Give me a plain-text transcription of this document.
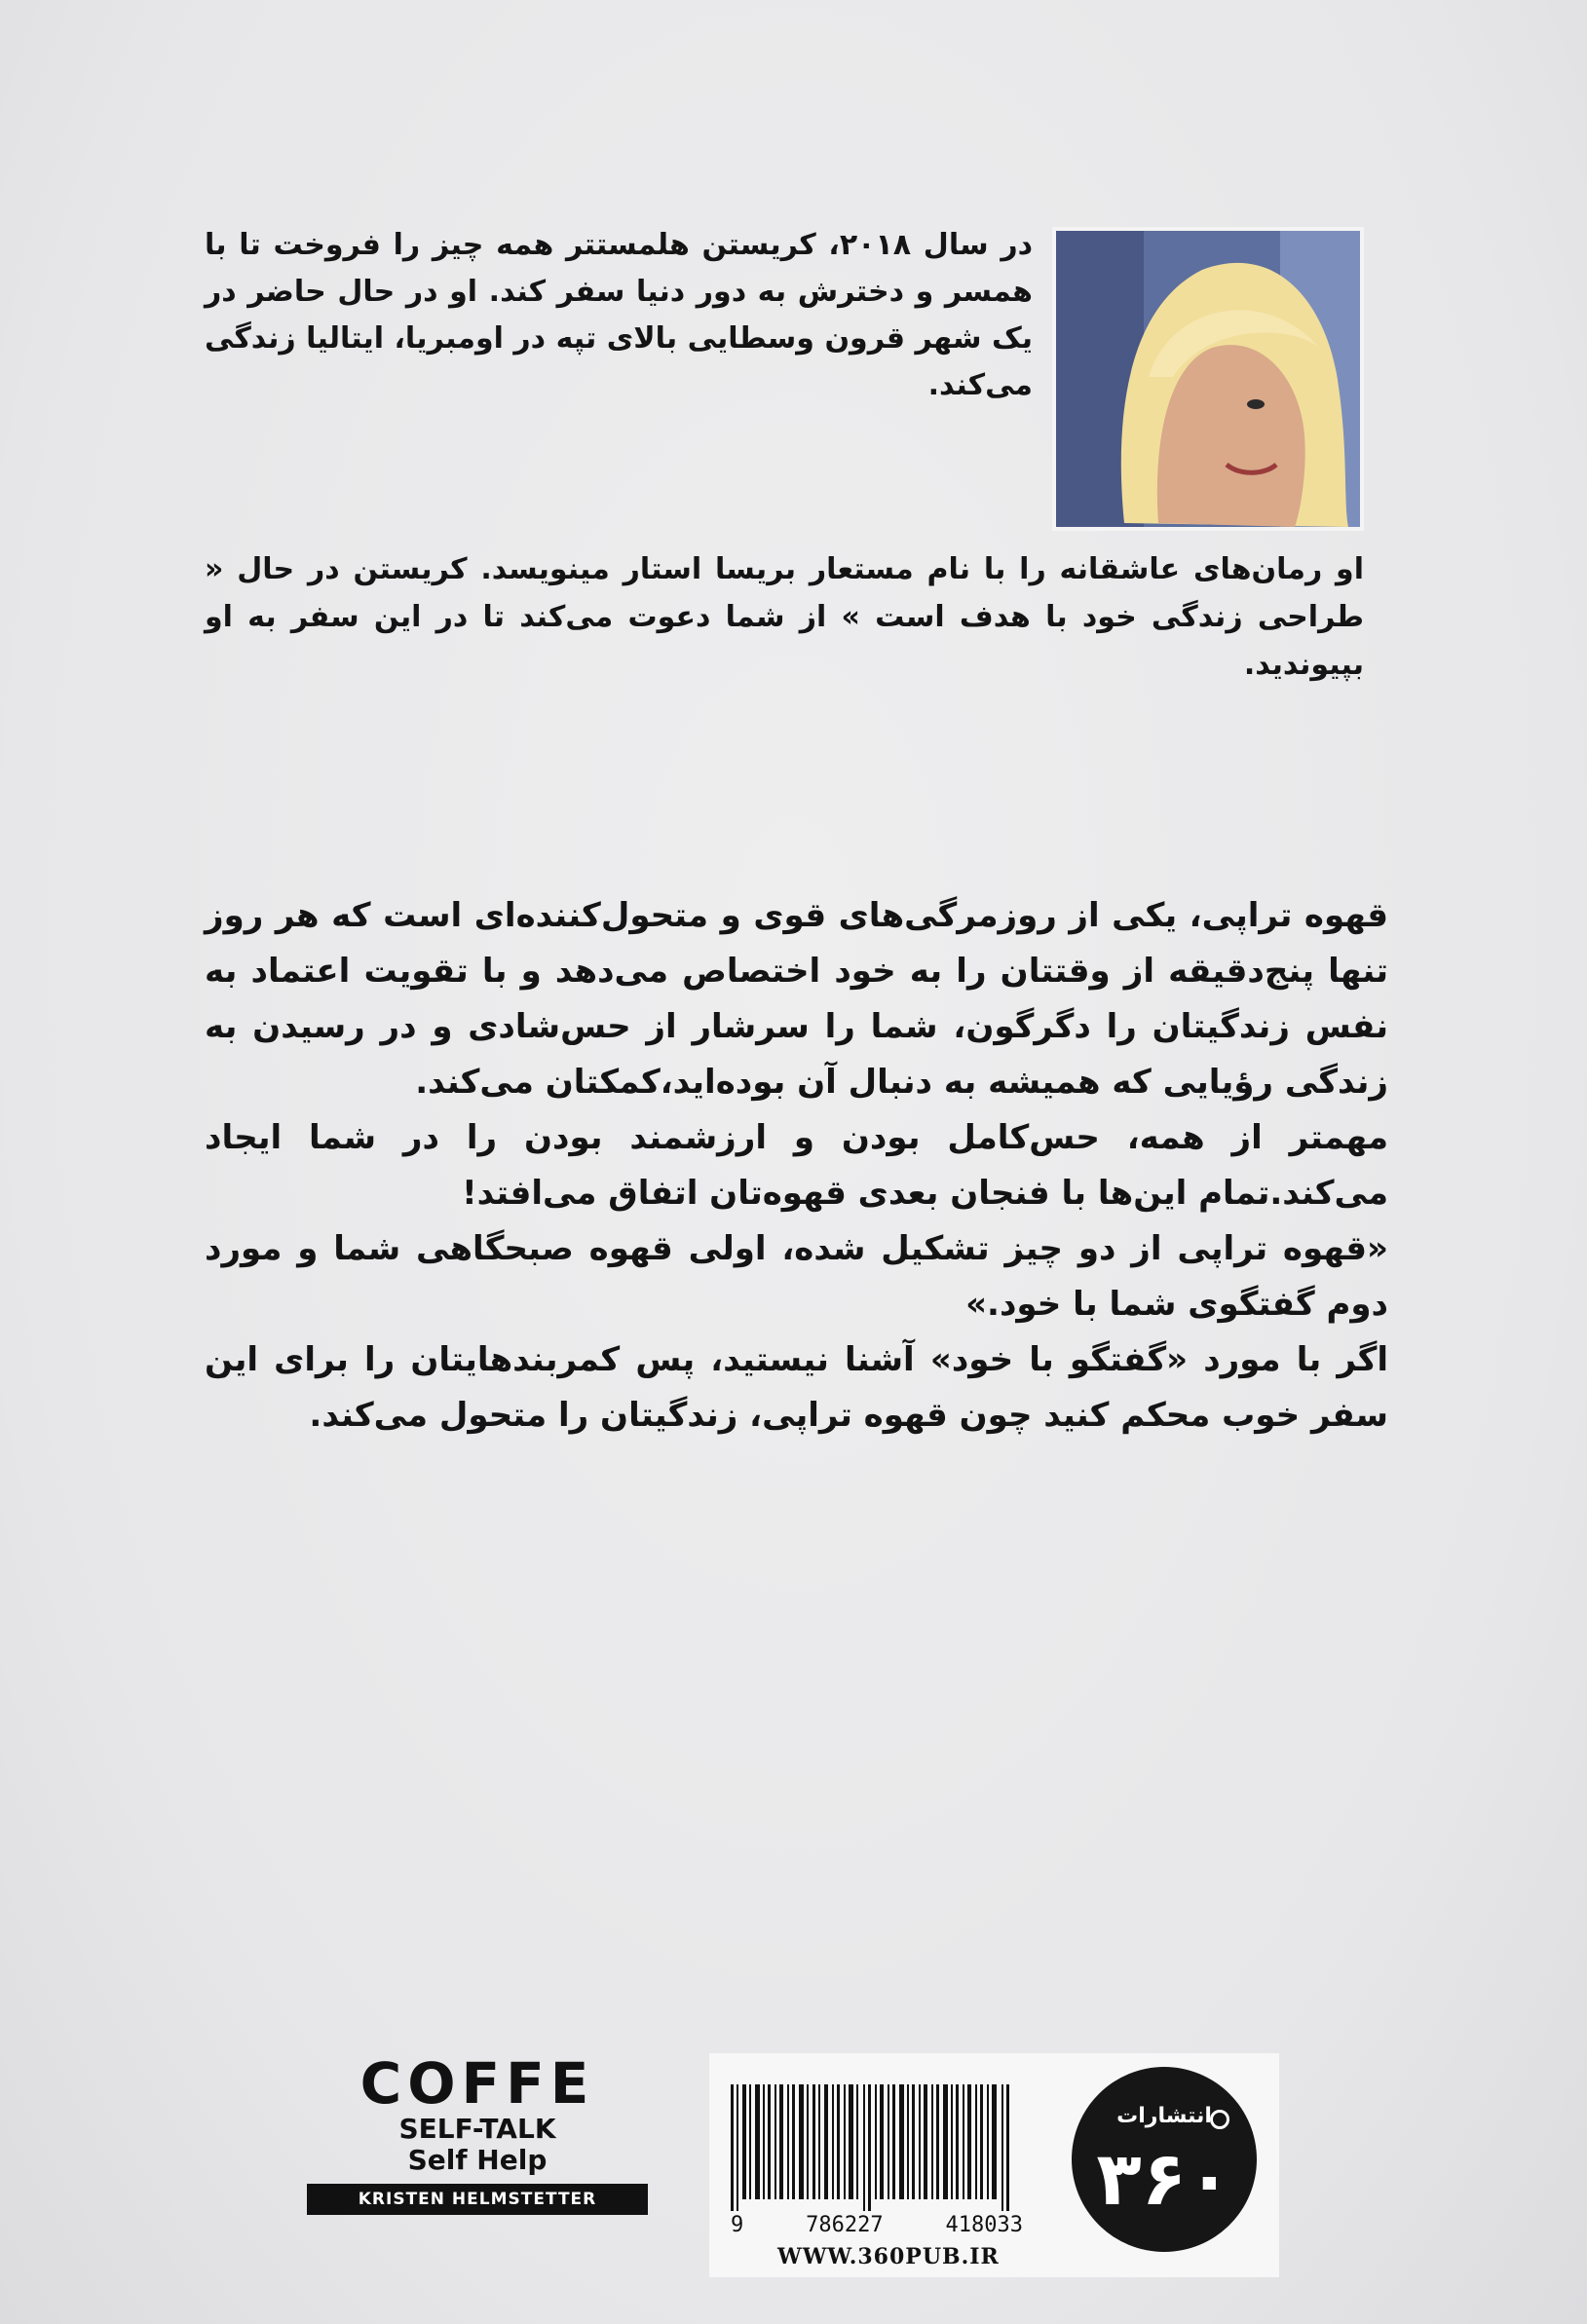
در سال ۲۰۱۸، کریستن هلمستتر همه چیز را فروخت تا با همسر و دخترش به دور دنیا سفر کند. او در حال حاضر در یک شهر قرون وسطایی بالای تپه در اومبریا، ایتالیا زندگی می‌کند.

او رمان‌های عاشقانه را با نام مستعار بریسا استار مینویسد. کریستن در حال « طراحی زندگی خود با هدف است » از شما دعوت می‌کند تا در این سفر به او بپیوندید.

قهوه تراپی، یکی از روزمرگی‌های قوی و متحول‌کننده‌ای است که هر روز تنها پنج‌دقیقه از وقتتان را به خود اختصاص می‌دهد و با تقویت اعتماد به نفس زندگیتان را دگرگون، شما را سرشار از حس‌شادی و در رسیدن به زندگی رؤیایی که همیشه به دنبال آن بوده‌اید،کمکتان می‌کند.

مهمتر از همه، حس‌کامل بودن و ارزشمند بودن را در شما ایجاد می‌کند.تمام این‌ها با فنجان بعدی قهوه‌تان اتفاق می‌افتد!

«قهوه تراپی از دو چیز تشکیل شده، اولی قهوه صبحگاهی شما و مورد دوم گفتگوی شما با خود.»

اگر با مورد «گفتگو با خود» آشنا نیستید، پس کمربندهایتان را برای این سفر خوب محکم کنید چون قهوه تراپی، زندگیتان را متحول می‌کند.

COFFE
SELF-TALK
Self Help
KRISTEN HELMSTETTER
9	786227	418033
WWW.360PUB.IR
انتشارات
۳۶۰
